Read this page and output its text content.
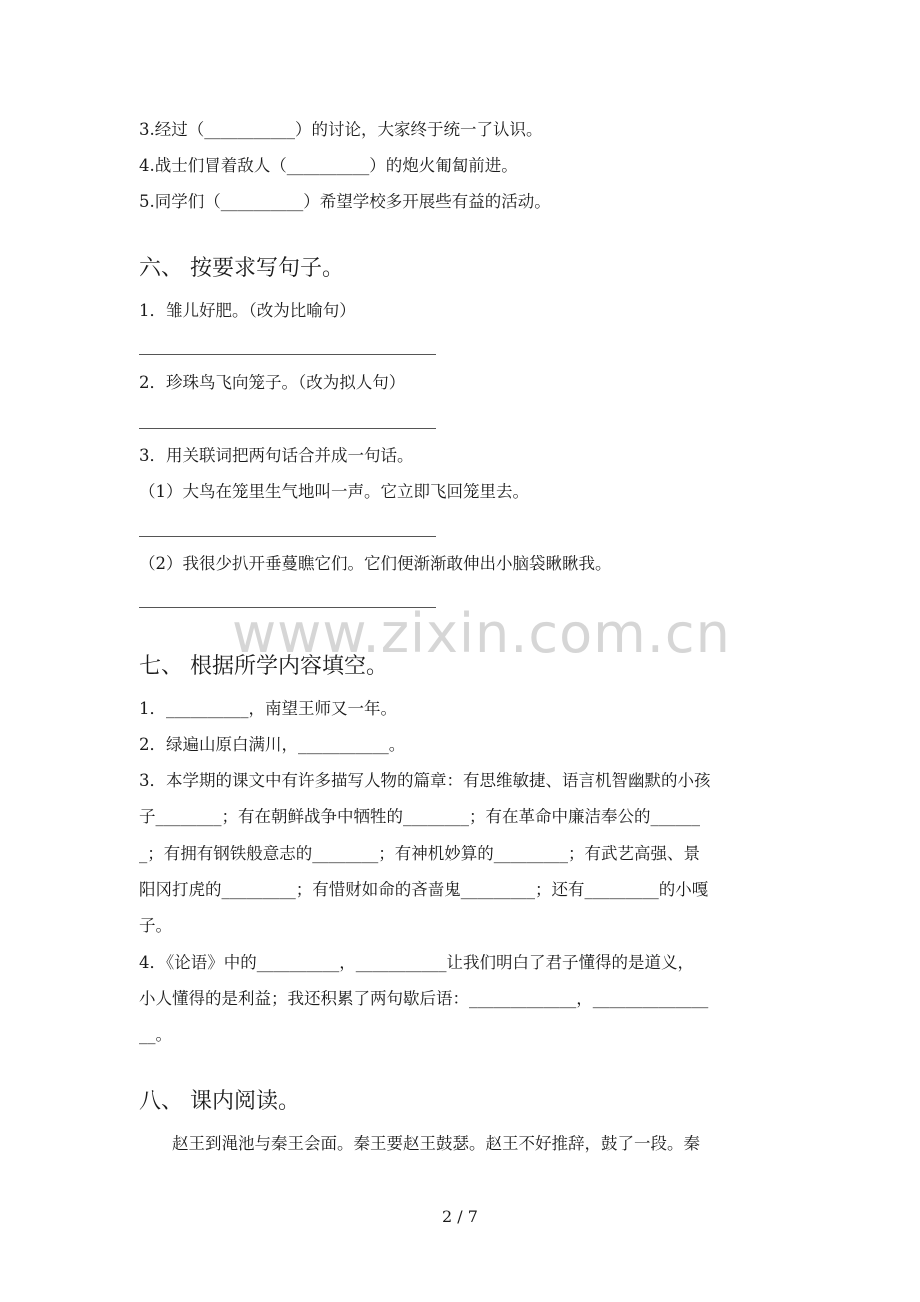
3.经过（___________）的讨论，大家终于统一了认识。
4.战士们冒着敌人（__________）的炮火匍匐前进。
5.同学们（__________）希望学校多开展些有益的活动。
六、 按要求写句子。
1．雏儿好肥。（改为比喻句）
2．珍珠鸟飞向笼子。（改为拟人句）
3．用关联词把两句话合并成一句话。
（1）大鸟在笼里生气地叫一声。它立即飞回笼里去。
（2）我很少扒开垂蔓瞧它们。它们便渐渐敢伸出小脑袋瞅瞅我。
www.zixin.com.cn
七、 根据所学内容填空。
1．__________，南望王师又一年。
2．绿遍山原白满川，___________。
3．本学期的课文中有许多描写人物的篇章：有思维敏捷、语言机智幽默的小孩
子________；有在朝鲜战争中牺牲的________；有在革命中廉洁奉公的______
_；有拥有钢铁般意志的________；有神机妙算的_________；有武艺高强、景
阳冈打虎的_________；有惜财如命的吝啬鬼_________；还有_________的小嘎
子。
4．《论语》中的__________，___________让我们明白了君子懂得的是道义，
小人懂得的是利益；我还积累了两句歇后语：_____________，______________
__。
八、 课内阅读。
赵王到渑池与秦王会面。秦王要赵王鼓瑟。赵王不好推辞，鼓了一段。秦
2 / 7
